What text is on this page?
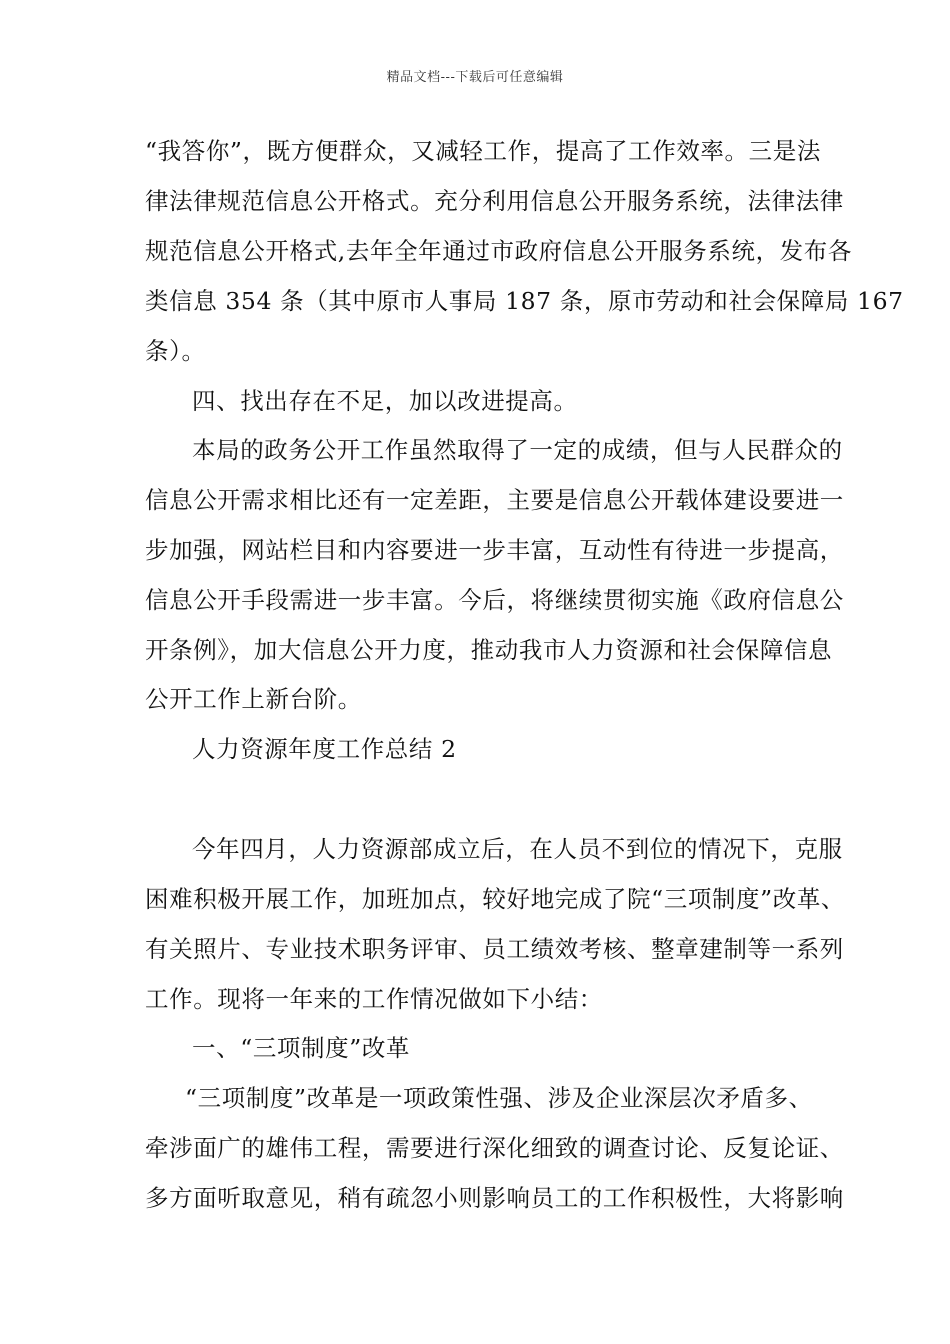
精品文档---下载后可任意编辑
“我答你”，既方便群众，又减轻工作，提高了工作效率。三是法
律法律规范信息公开格式。充分利用信息公开服务系统，法律法律
规范信息公开格式,去年全年通过市政府信息公开服务系统，发布各
类信息 354 条（其中原市人事局 187 条，原市劳动和社会保障局 167
条）。
四、找出存在不足，加以改进提高。
本局的政务公开工作虽然取得了一定的成绩，但与人民群众的
信息公开需求相比还有一定差距，主要是信息公开载体建设要进一
步加强，网站栏目和内容要进一步丰富，互动性有待进一步提高，
信息公开手段需进一步丰富。今后，将继续贯彻实施《政府信息公
开条例》，加大信息公开力度，推动我市人力资源和社会保障信息
公开工作上新台阶。
人力资源年度工作总结 2
今年四月，人力资源部成立后，在人员不到位的情况下，克服
困难积极开展工作，加班加点，较好地完成了院“三项制度”改革、
有关照片、专业技术职务评审、员工绩效考核、整章建制等一系列
工作。现将一年来的工作情况做如下小结：
一、“三项制度”改革
“三项制度”改革是一项政策性强、涉及企业深层次矛盾多、
牵涉面广的雄伟工程，需要进行深化细致的调查讨论、反复论证、
多方面听取意见，稍有疏忽小则影响员工的工作积极性，大将影响
